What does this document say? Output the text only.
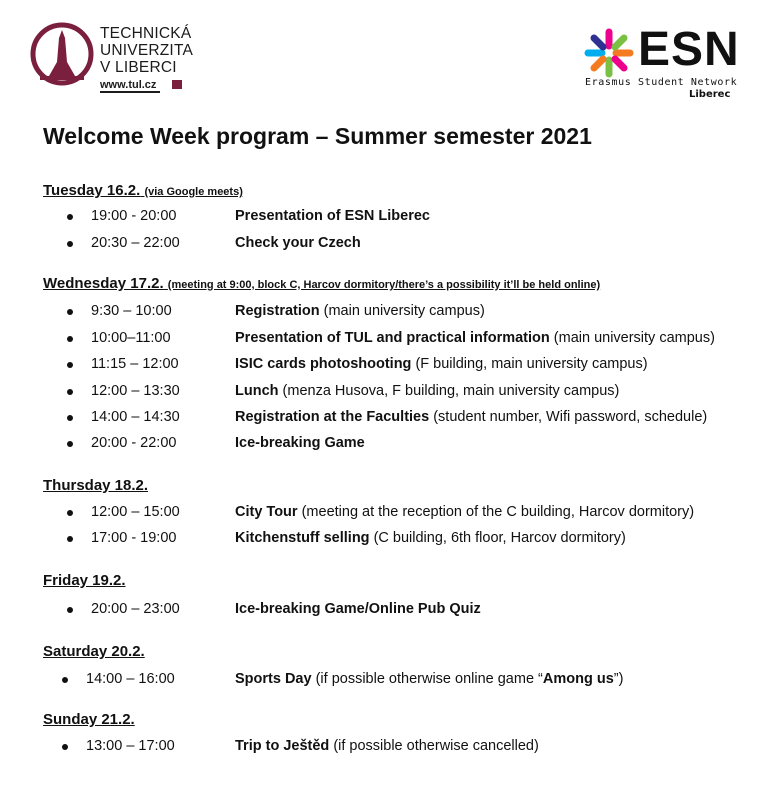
TECHNICKÁ
UNIVERZITA
V LIBERCI
www.tul.cz
ESN
Erasmus Student Network
Liberec
Welcome Week program – Summer semester 2021
Tuesday 16.2. (via Google meets)
19:00 - 20:00	Presentation of ESN Liberec
20:30 – 22:00	Check your Czech
Wednesday 17.2. (meeting at 9:00, block C, Harcov dormitory/there’s a possibility it’ll be held online)
9:30 – 10:00	Registration (main university campus)
10:00–11:00	Presentation of TUL and practical information (main university campus)
11:15 – 12:00	ISIC cards photoshooting (F building, main university campus)
12:00 – 13:30	Lunch (menza Husova, F building, main university campus)
14:00 – 14:30	Registration at the Faculties (student number, Wifi password, schedule)
20:00 - 22:00	Ice-breaking Game
Thursday 18.2.
12:00 – 15:00	City Tour (meeting at the reception of the C building, Harcov dormitory)
17:00 - 19:00	Kitchenstuff selling (C building, 6th floor, Harcov dormitory)
Friday 19.2.
20:00 – 23:00	Ice-breaking Game/Online Pub Quiz
Saturday 20.2.
14:00 – 16:00	Sports Day (if possible otherwise online game “Among us”)
Sunday 21.2.
13:00 – 17:00	Trip to Ještěd (if possible otherwise cancelled)
